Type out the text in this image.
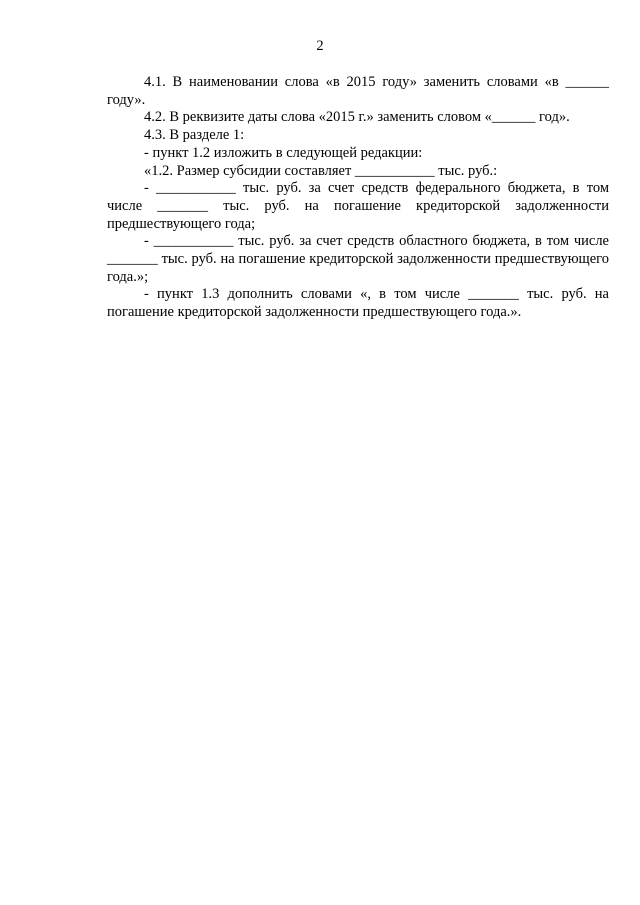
2

4.1. В наименовании слова «в 2015 году» заменить словами «в ______ году».

4.2. В реквизите даты слова «2015 г.» заменить словом «______ год».

4.3. В разделе 1:

- пункт 1.2 изложить в следующей редакции:

«1.2. Размер субсидии составляет ___________ тыс. руб.:

- ___________ тыс. руб. за счет средств федерального бюджета, в том числе _______ тыс. руб. на погашение кредиторской задолженности предшествующего года;

- ___________ тыс. руб. за счет средств областного бюджета, в том числе _______ тыс. руб. на погашение кредиторской задолженности предшествующего года.»;

- пункт 1.3 дополнить словами «, в том числе _______ тыс. руб. на погашение кредиторской задолженности предшествующего года.».
